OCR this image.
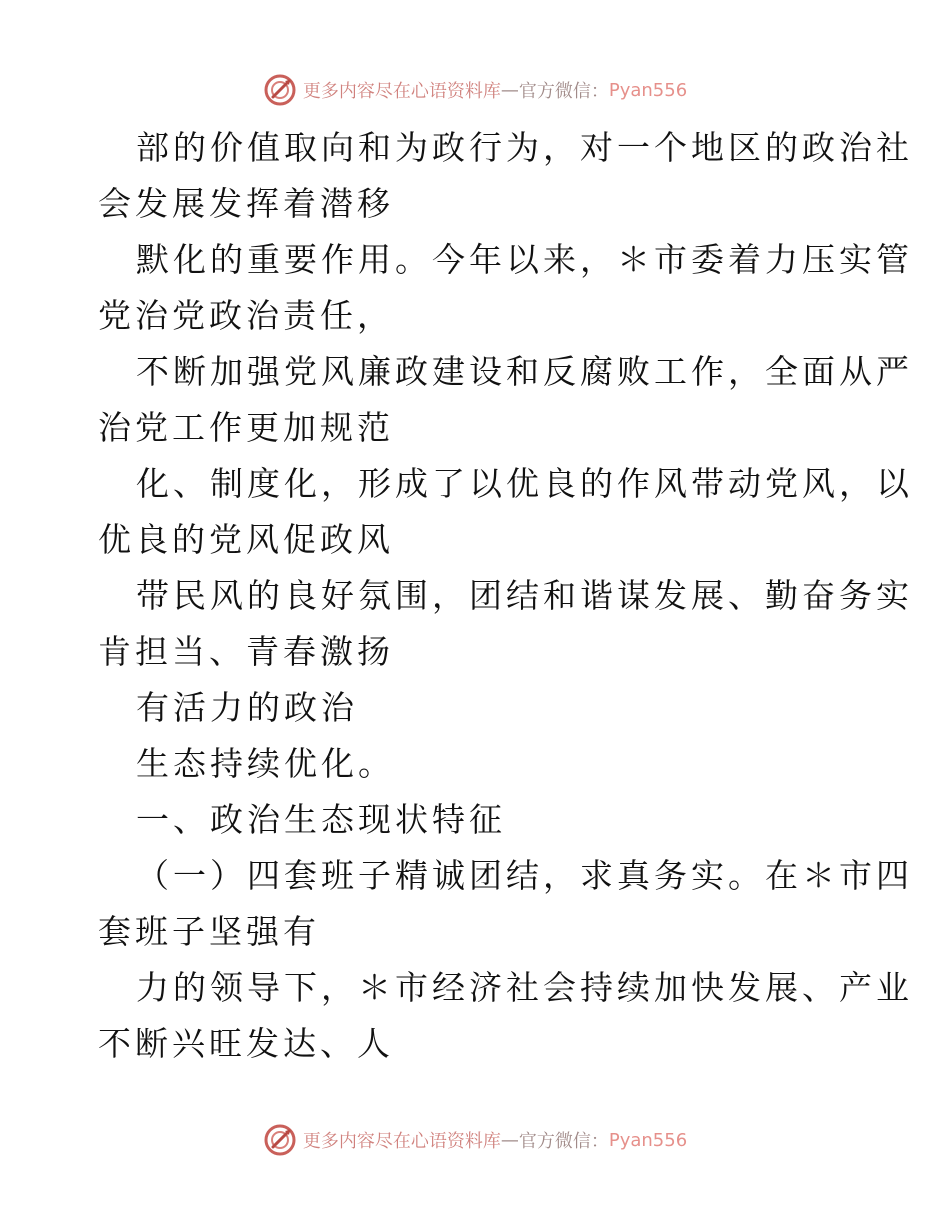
更多内容尽在心语资料库 — 官方微信： Pyan556
部的价值取向和为政行为，对一个地区的政治社
会发展发挥着潜移
默化的重要作用。今年以来，＊市委着力压实管
党治党政治责任，
不断加强党风廉政建设和反腐败工作，全面从严
治党工作更加规范
化、制度化，形成了以优良的作风带动党风，以
优良的党风促政风
带民风的良好氛围，团结和谐谋发展、勤奋务实
肯担当、青春激扬
有活力的政治
生态持续优化。
一、政治生态现状特征
（一）四套班子精诚团结，求真务实。在＊市四
套班子坚强有
力的领导下，＊市经济社会持续加快发展、产业
不断兴旺发达、人
更多内容尽在心语资料库 — 官方微信： Pyan556
